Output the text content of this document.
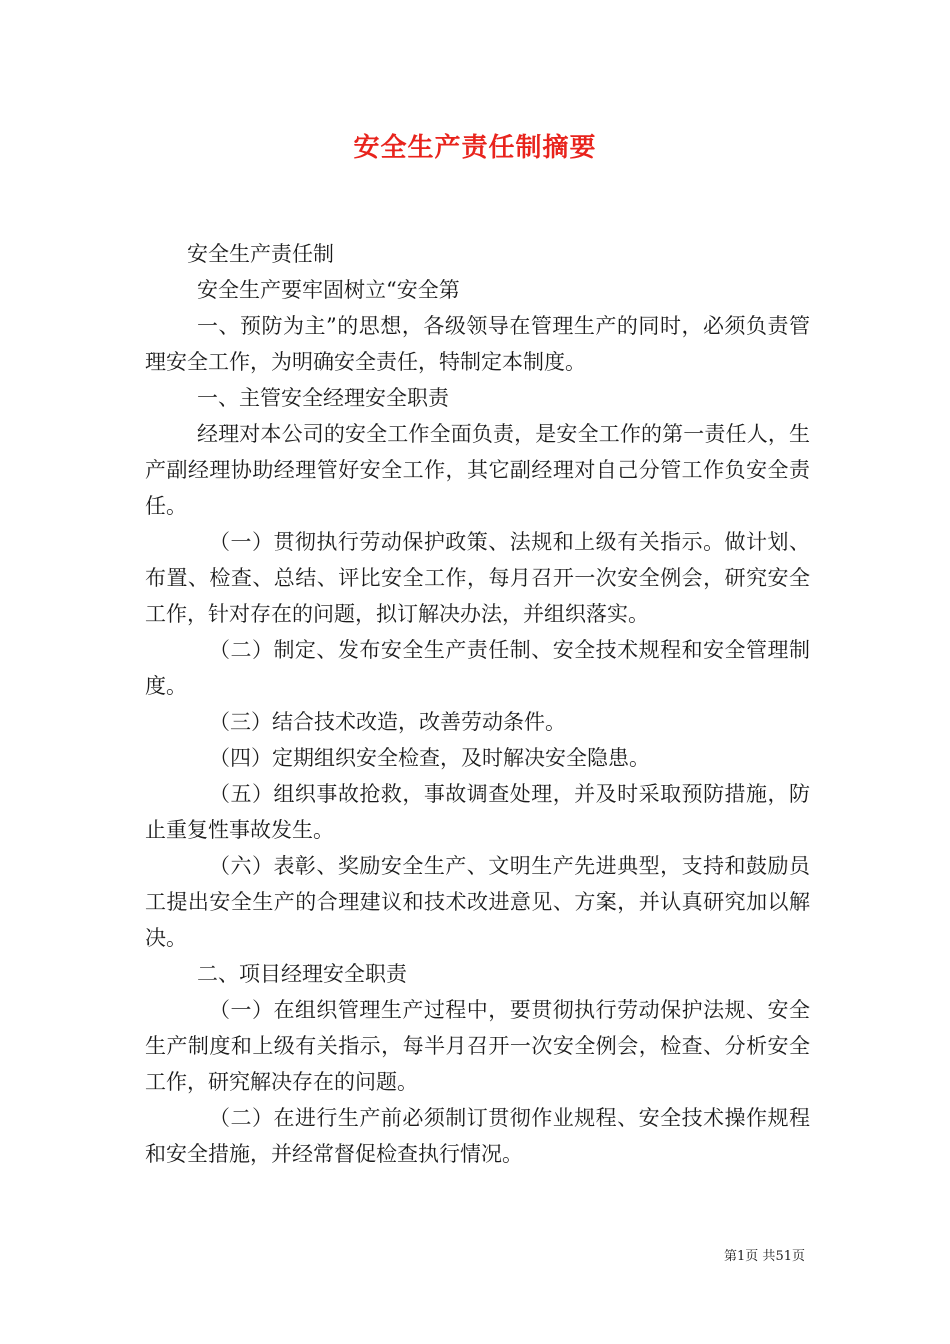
安全生产责任制摘要

安全生产责任制

安全生产要牢固树立“安全第

一、预防为主”的思想，各级领导在管理生产的同时，必须负责管理安全工作，为明确安全责任，特制定本制度。

一、主管安全经理安全职责

经理对本公司的安全工作全面负责，是安全工作的第一责任人，生产副经理协助经理管好安全工作，其它副经理对自己分管工作负安全责任。

（一）贯彻执行劳动保护政策、法规和上级有关指示。做计划、布置、检查、总结、评比安全工作，每月召开一次安全例会，研究安全工作，针对存在的问题，拟订解决办法，并组织落实。

（二）制定、发布安全生产责任制、安全技术规程和安全管理制度。

（三）结合技术改造，改善劳动条件。

（四）定期组织安全检查，及时解决安全隐患。

（五）组织事故抢救，事故调查处理，并及时采取预防措施，防止重复性事故发生。

（六）表彰、奖励安全生产、文明生产先进典型，支持和鼓励员工提出安全生产的合理建议和技术改进意见、方案，并认真研究加以解决。

二、项目经理安全职责

（一）在组织管理生产过程中，要贯彻执行劳动保护法规、安全生产制度和上级有关指示，每半月召开一次安全例会，检查、分析安全工作，研究解决存在的问题。

（二）在进行生产前必须制订贯彻作业规程、安全技术操作规程和安全措施，并经常督促检查执行情况。

第1页 共51页
